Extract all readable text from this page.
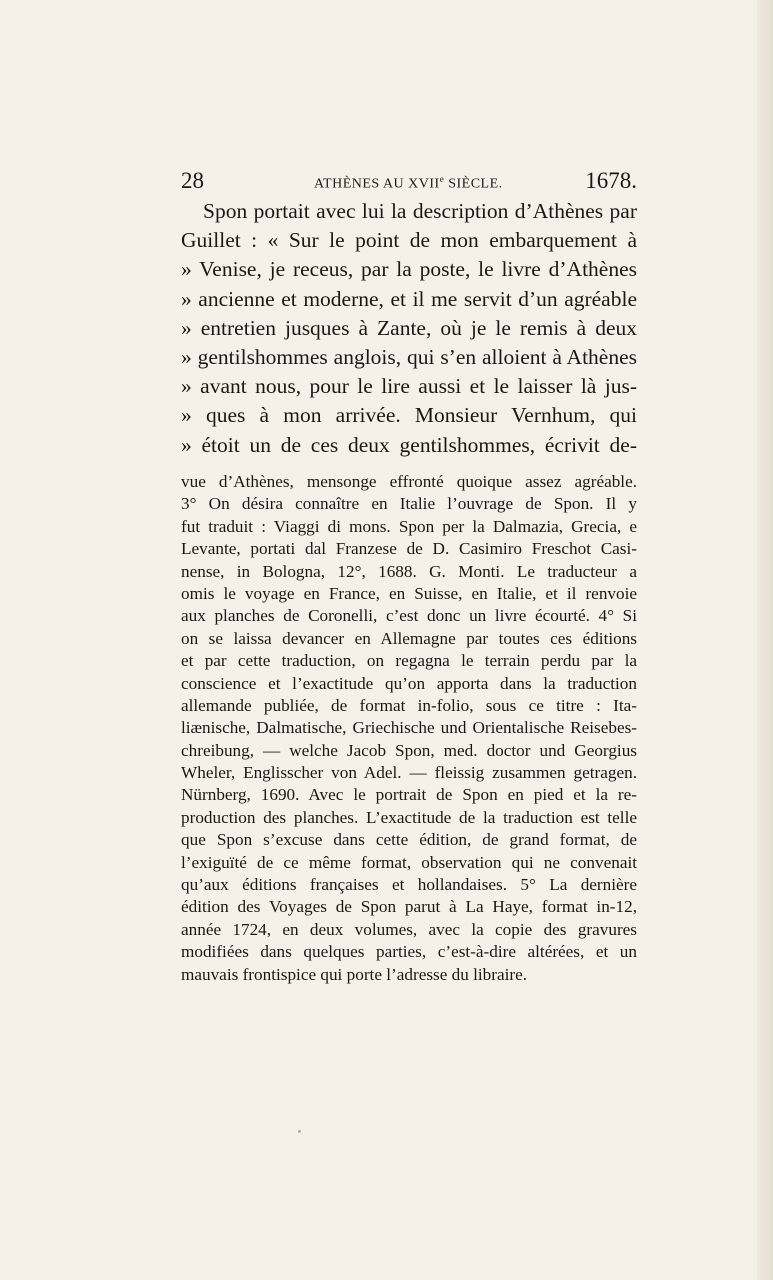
28	ATHÈNES AU XVIIe SIÈCLE.	1678.
Spon portait avec lui la description d’Athènes par
Guillet : « Sur le point de mon embarquement à
» Venise, je receus, par la poste, le livre d’Athènes
» ancienne et moderne, et il me servit d’un agréable
» entretien jusques à Zante, où je le remis à deux
» gentilshommes anglois, qui s’en alloient à Athènes
» avant nous, pour le lire aussi et le laisser là jus-
» ques à mon arrivée. Monsieur Vernhum, qui
» étoit un de ces deux gentilshommes, écrivit de-
vue d’Athènes, mensonge effronté quoique assez agréable.
3° On désira connaître en Italie l’ouvrage de Spon. Il y
fut traduit : Viaggi di mons. Spon per la Dalmazia, Grecia, e
Levante, portati dal Franzese de D. Casimiro Freschot Casi-
nense, in Bologna, 12°, 1688. G. Monti. Le traducteur a
omis le voyage en France, en Suisse, en Italie, et il renvoie
aux planches de Coronelli, c’est donc un livre écourté. 4° Si
on se laissa devancer en Allemagne par toutes ces éditions
et par cette traduction, on regagna le terrain perdu par la
conscience et l’exactitude qu’on apporta dans la traduction
allemande publiée, de format in-folio, sous ce titre : Ita-
liænische, Dalmatische, Griechische und Orientalische Reisebes-
chreibung, — welche Jacob Spon, med. doctor und Georgius
Wheler, Englisscher von Adel. — fleissig zusammen getragen.
Nürnberg, 1690. Avec le portrait de Spon en pied et la re-
production des planches. L’exactitude de la traduction est telle
que Spon s’excuse dans cette édition, de grand format, de
l’exiguïté de ce même format, observation qui ne convenait
qu’aux éditions françaises et hollandaises. 5° La dernière
édition des Voyages de Spon parut à La Haye, format in-12,
année 1724, en deux volumes, avec la copie des gravures
modifiées dans quelques parties, c’est-à-dire altérées, et un
mauvais frontispice qui porte l’adresse du libraire.
